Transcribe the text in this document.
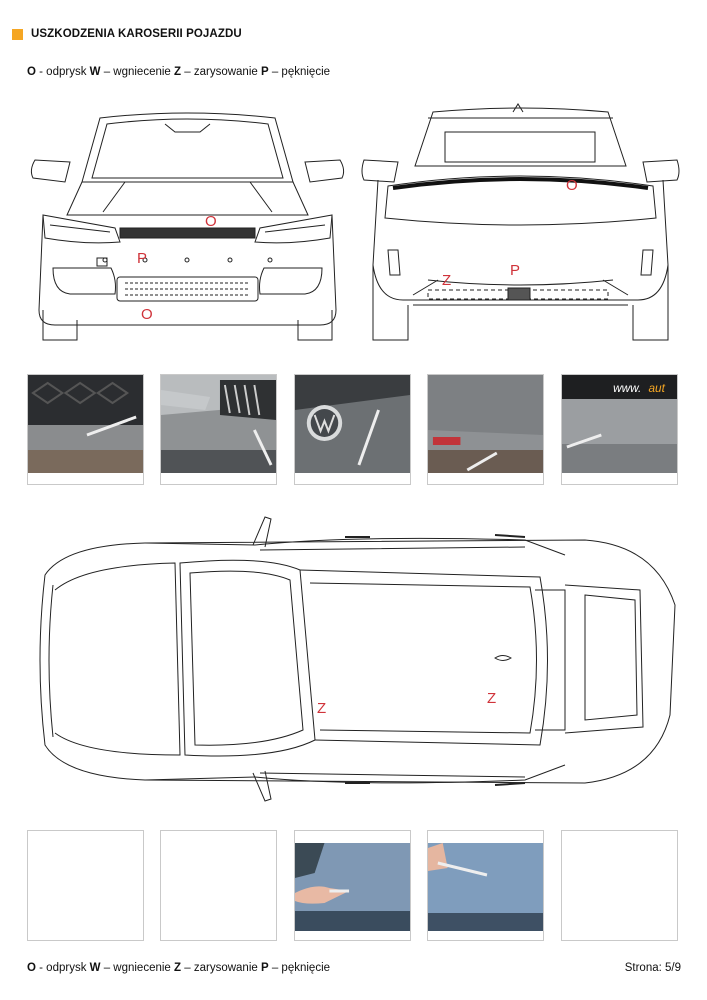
USZKODZENIA KAROSERII POJAZDU
O - odprysk W – wgniecenie Z – zarysowanie P – pęknięcie
O
P
O
O
Z
P
www. aut
Z
Z
O - odprysk W – wgniecenie Z – zarysowanie P – pęknięcie	Strona: 5/9
